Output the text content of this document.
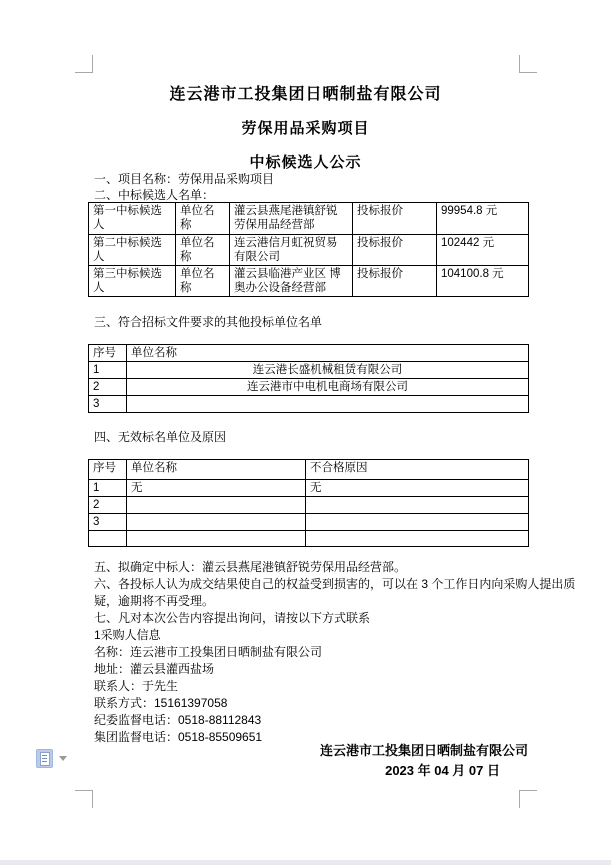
连云港市工投集团日晒制盐有限公司
劳保用品采购项目
中标候选人公示
一、项目名称：劳保用品采购项目
二、中标候选人名单：
第一中标候选人	单位名称	灌云县燕尾港镇舒锐劳保用品经营部	投标报价	99954.8 元
第二中标候选人	单位名称	连云港信月虹祝贸易有限公司	投标报价	102442 元
第三中标候选人	单位名称	灌云县临港产业区 博奥办公设备经营部	投标报价	104100.8 元
三、符合招标文件要求的其他投标单位名单
序号	单位名称
1	连云港长盛机械租赁有限公司
2	连云港市中电机电商场有限公司
3	
四、无效标名单位及原因
序号	单位名称	不合格原因
1	无	无
2		
3		

五、拟确定中标人：灌云县燕尾港镇舒锐劳保用品经营部。
六、各投标人认为成交结果使自己的权益受到损害的，可以在 3 个工作日内向采购人提出质
疑，逾期将不再受理。
七、凡对本次公告内容提出询问，请按以下方式联系
1采购人信息
名称：连云港市工投集团日晒制盐有限公司
地址：灌云县灌西盐场
联系人：于先生
联系方式：15161397058
纪委监督电话：0518-88112843
集团监督电话：0518-85509651
连云港市工投集团日晒制盐有限公司
2023 年 04 月 07 日
